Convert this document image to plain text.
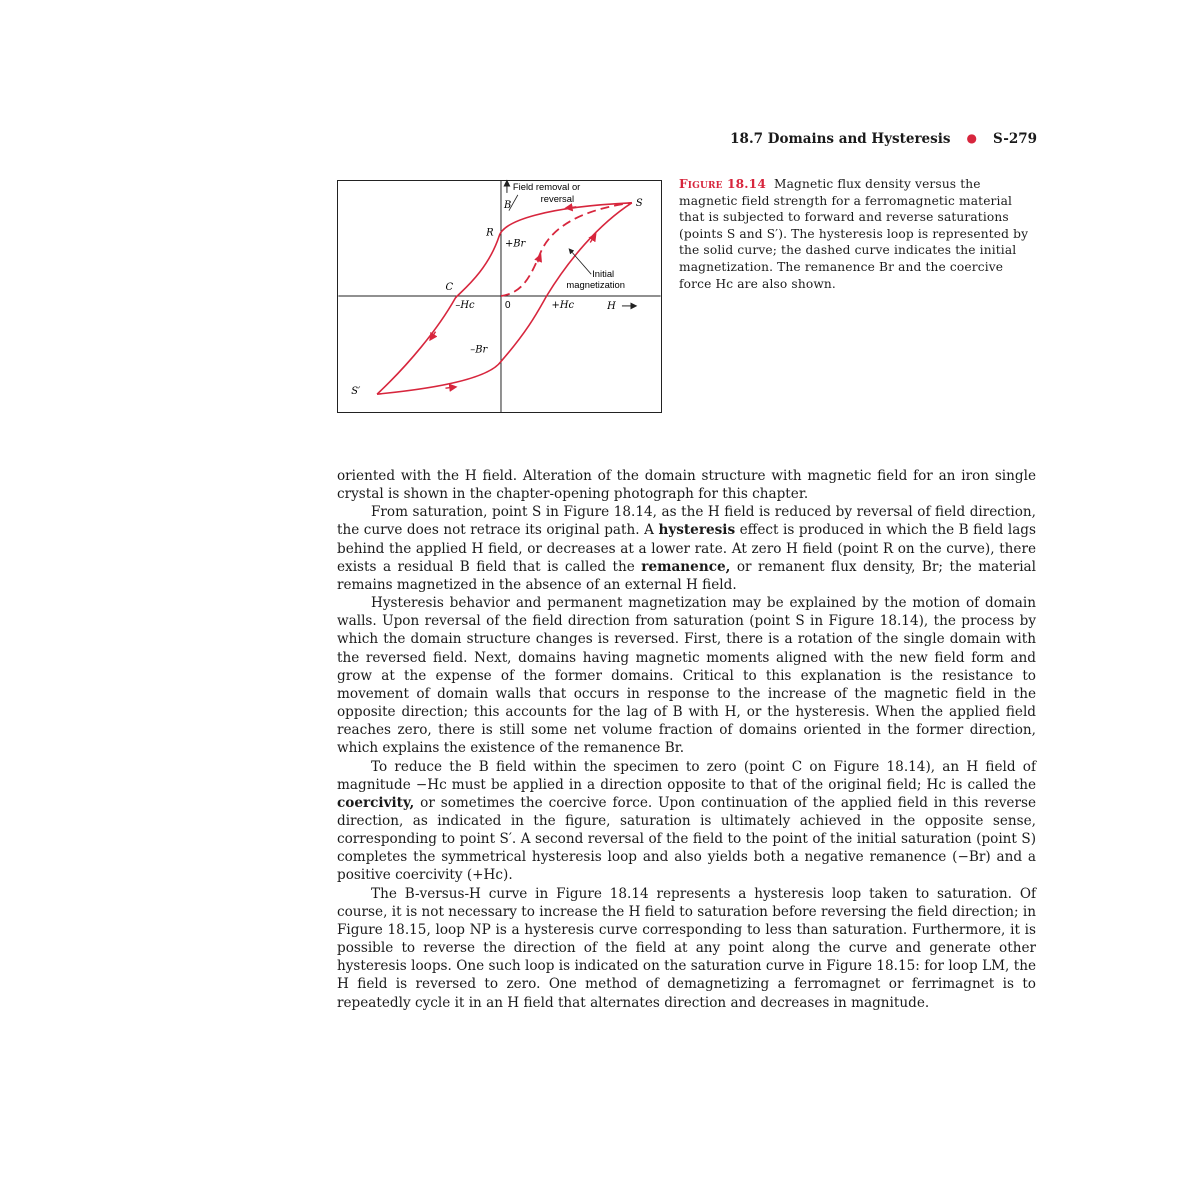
18.7 Domains and Hysteresis ● S-279
Field removal or
reversal
B	S
R
+Br
Initial
magnetization
C
–Hc	0	+Hc	H
–Br
S′
Figure 18.14 Magnetic flux density versus the magnetic field strength for a ferromagnetic material that is subjected to forward and reverse saturations (points S and S′). The hysteresis loop is represented by the solid curve; the dashed curve indicates the initial magnetization. The remanence Br and the coercive force Hc are also shown.

oriented with the H field. Alteration of the domain structure with magnetic field for an iron single crystal is shown in the chapter-opening photograph for this chapter.

From saturation, point S in Figure 18.14, as the H field is reduced by reversal of field direction, the curve does not retrace its original path. A hysteresis effect is produced in which the B field lags behind the applied H field, or decreases at a lower rate. At zero H field (point R on the curve), there exists a residual B field that is called the remanence, or remanent flux density, Br; the material remains magnetized in the absence of an external H field.

Hysteresis behavior and permanent magnetization may be explained by the motion of domain walls. Upon reversal of the field direction from saturation (point S in Figure 18.14), the process by which the domain structure changes is reversed. First, there is a rotation of the single domain with the reversed field. Next, domains having magnetic moments aligned with the new field form and grow at the expense of the former domains. Critical to this explanation is the resistance to movement of domain walls that occurs in response to the increase of the magnetic field in the opposite direction; this accounts for the lag of B with H, or the hysteresis. When the applied field reaches zero, there is still some net volume fraction of domains oriented in the former direction, which explains the existence of the remanence Br.

To reduce the B field within the specimen to zero (point C on Figure 18.14), an H field of magnitude −Hc must be applied in a direction opposite to that of the original field; Hc is called the coercivity, or sometimes the coercive force. Upon continuation of the applied field in this reverse direction, as indicated in the figure, saturation is ultimately achieved in the opposite sense, corresponding to point S′. A second reversal of the field to the point of the initial saturation (point S) completes the symmetrical hysteresis loop and also yields both a negative remanence (−Br) and a positive coercivity (+Hc).

The B-versus-H curve in Figure 18.14 represents a hysteresis loop taken to saturation. Of course, it is not necessary to increase the H field to saturation before reversing the field direction; in Figure 18.15, loop NP is a hysteresis curve corresponding to less than saturation. Furthermore, it is possible to reverse the direction of the field at any point along the curve and generate other hysteresis loops. One such loop is indicated on the saturation curve in Figure 18.15: for loop LM, the H field is reversed to zero. One method of demagnetizing a ferromagnet or ferrimagnet is to repeatedly cycle it in an H field that alternates direction and decreases in magnitude.
